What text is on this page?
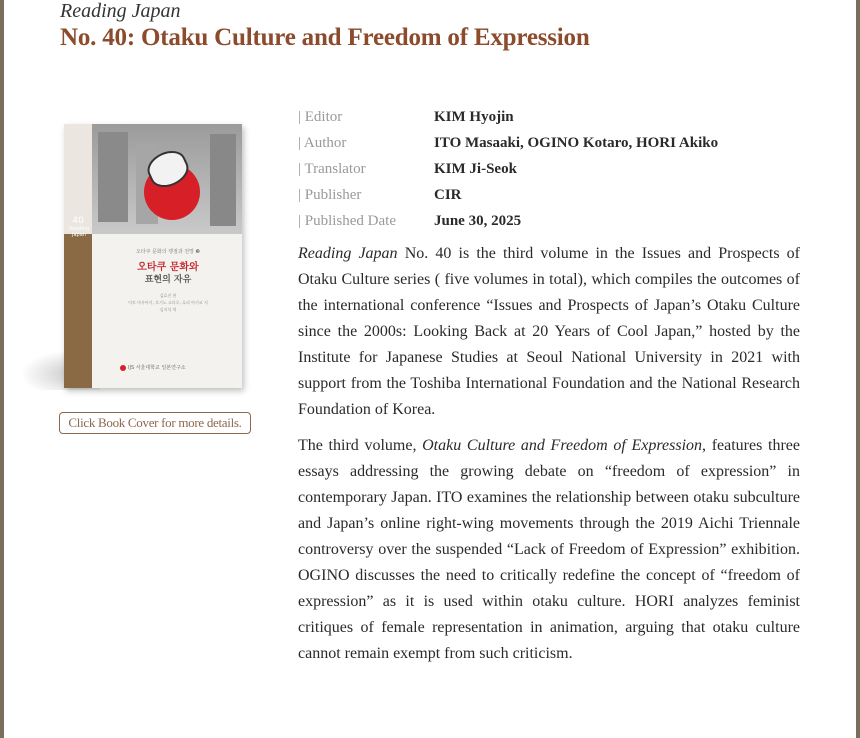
Reading Japan
No. 40: Otaku Culture and Freedom of Expression
40
Reading Japan
오타쿠 문화의 쟁점과 전망 ❸
오타쿠 문화와
표현의 자유
김효진 편
이토 마사아키, 오기노 고타로, 호리 아키코 저
김지석 역
IJS 서울대학교 일본연구소
Click Book Cover for more details.
| Editor	KIM Hyojin
| Author	ITO Masaaki, OGINO Kotaro, HORI Akiko
| Translator	KIM Ji-Seok
| Publisher	CIR
| Published Date	June 30, 2025

Reading Japan No. 40 is the third volume in the Issues and Prospects of Otaku Culture series ( five volumes in total), which compiles the outcomes of the international conference “Issues and Prospects of Japan’s Otaku Culture since the 2000s: Looking Back at 20 Years of Cool Japan,” hosted by the Institute for Japanese Studies at Seoul National University in 2021 with support from the Toshiba International Foundation and the National Research Foundation of Korea.

The third volume, Otaku Culture and Freedom of Expression, features three essays addressing the growing debate on “freedom of expression” in contemporary Japan. ITO examines the relationship between otaku subculture and Japan’s online right-wing movements through the 2019 Aichi Triennale controversy over the suspended “Lack of Freedom of Expression” exhibition. OGINO discusses the need to critically redefine the concept of “freedom of expression” as it is used within otaku culture. HORI analyzes feminist critiques of female representation in animation, arguing that otaku culture cannot remain exempt from such criticism.
